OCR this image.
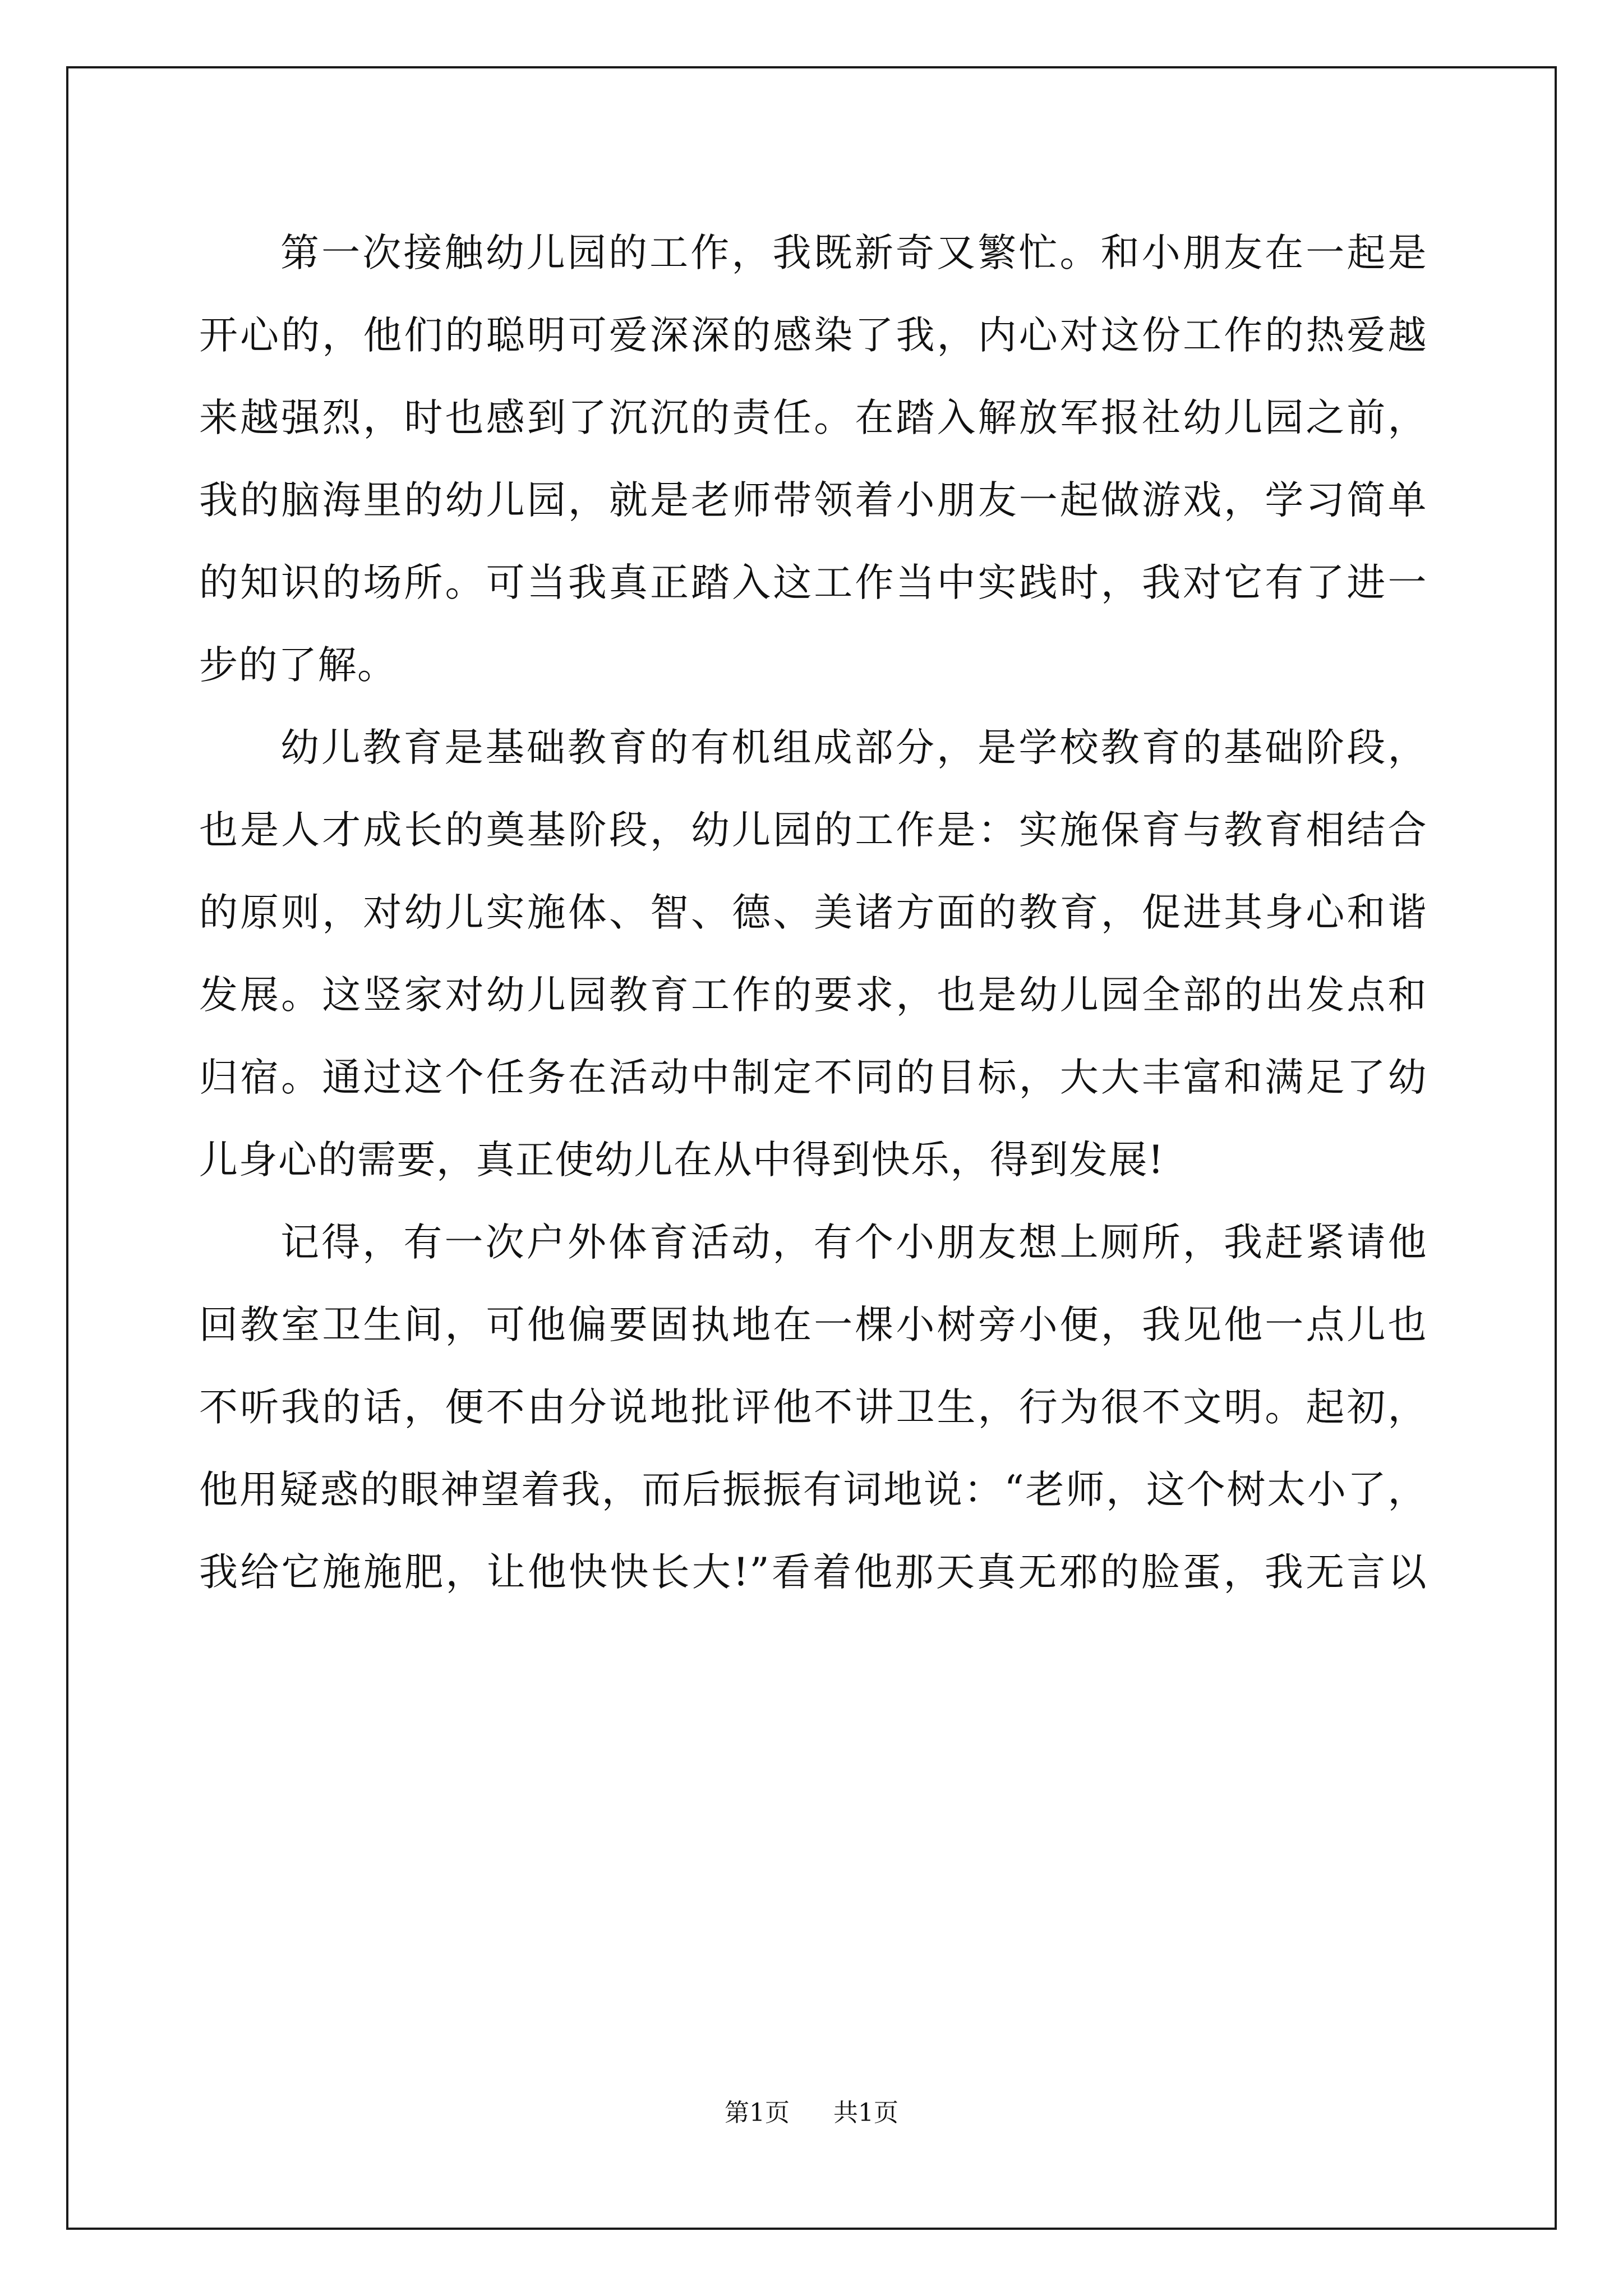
第一次接触幼儿园的工作，我既新奇又繁忙。和小朋友在一起是
开心的，他们的聪明可爱深深的感染了我，内心对这份工作的热爱越
来越强烈，时也感到了沉沉的责任。在踏入解放军报社幼儿园之前，
我的脑海里的幼儿园，就是老师带领着小朋友一起做游戏，学习简单
的知识的场所。可当我真正踏入这工作当中实践时，我对它有了进一
步的了解。
幼儿教育是基础教育的有机组成部分，是学校教育的基础阶段，
也是人才成长的奠基阶段，幼儿园的工作是：实施保育与教育相结合
的原则，对幼儿实施体、智、德、美诸方面的教育，促进其身心和谐
发展。这竖家对幼儿园教育工作的要求，也是幼儿园全部的出发点和
归宿。通过这个任务在活动中制定不同的目标，大大丰富和满足了幼
儿身心的需要，真正使幼儿在从中得到快乐，得到发展!
记得，有一次户外体育活动，有个小朋友想上厕所，我赶紧请他
回教室卫生间，可他偏要固执地在一棵小树旁小便，我见他一点儿也
不听我的话，便不由分说地批评他不讲卫生，行为很不文明。起初，
他用疑惑的眼神望着我，而后振振有词地说：“老师，这个树太小了，
我给它施施肥，让他快快长大!”看着他那天真无邪的脸蛋，我无言以
第1页 共1页
